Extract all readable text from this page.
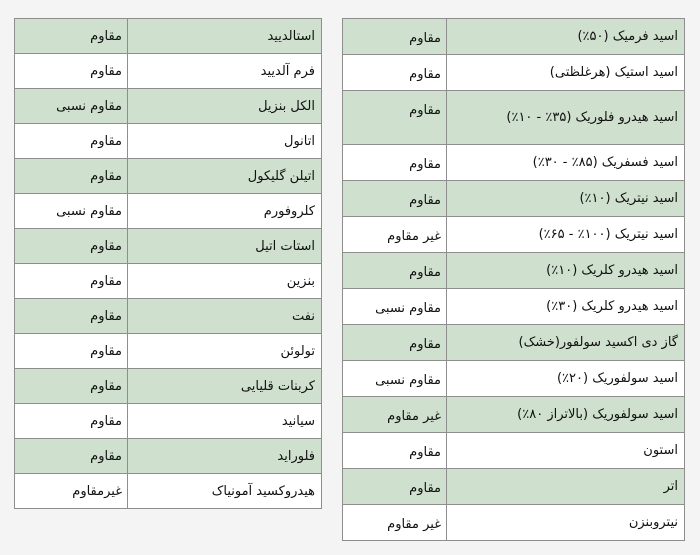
اسید فرمیک (۵۰٪)	مقاوم
اسید استیک (هرغلظتی)	مقاوم
اسید هیدرو فلوریک (۳۵٪ - ۱۰٪)	مقاوم
اسید فسفریک (۸۵٪ - ۳۰٪)	مقاوم
اسید نیتریک (۱۰٪)	مقاوم
اسید نیتریک (۱۰۰٪ - ۶۵٪)	غیر مقاوم
اسید هیدرو کلریک (۱۰٪)	مقاوم
اسید هیدرو کلریک (۳۰٪)	مقاوم نسبی
گاز دی اکسید سولفور(خشک)	مقاوم
اسید سولفوریک (۲۰٪)	مقاوم نسبی
اسید سولفوریک (بالاتراز ۸۰٪)	غیر مقاوم
استون	مقاوم
اتر	مقاوم
نیتروبنزن	غیر مقاوم
استالدیید	مقاوم
فرم آلدیید	مقاوم
الکل بنزیل	مقاوم نسبی
اتانول	مقاوم
اتیلن گلیکول	مقاوم
کلروفورم	مقاوم نسبی
استات اتیل	مقاوم
بنزین	مقاوم
نفت	مقاوم
تولوئن	مقاوم
کربنات قلیایی	مقاوم
سیانید	مقاوم
فلوراید	مقاوم
هیدروکسید آمونیاک	غیرمقاوم
